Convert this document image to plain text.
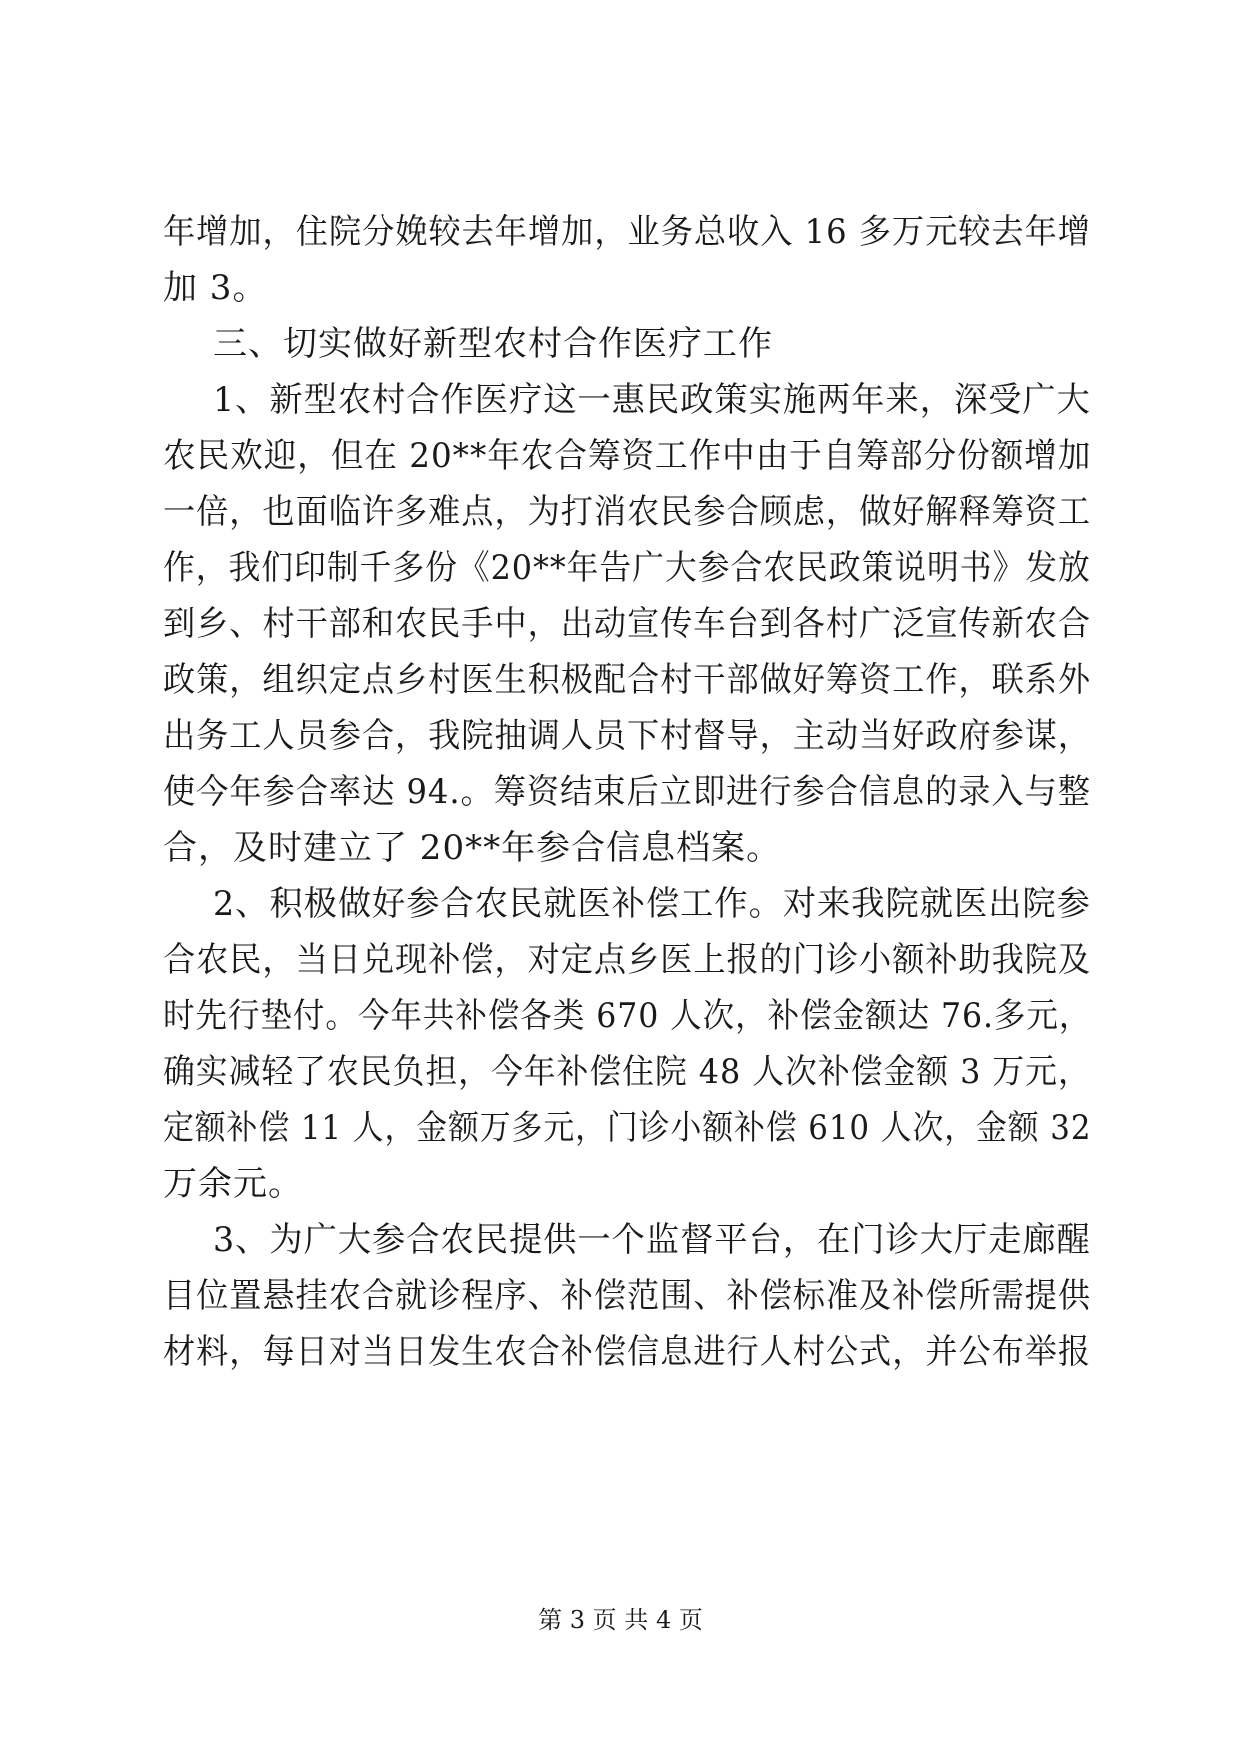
年增加，住院分娩较去年增加，业务总收入 16 多万元较去年增
加 3。
三、切实做好新型农村合作医疗工作
1、新型农村合作医疗这一惠民政策实施两年来，深受广大
农民欢迎，但在 20**年农合筹资工作中由于自筹部分份额增加
一倍，也面临许多难点，为打消农民参合顾虑，做好解释筹资工
作，我们印制千多份《20**年告广大参合农民政策说明书》发放
到乡、村干部和农民手中，出动宣传车台到各村广泛宣传新农合
政策，组织定点乡村医生积极配合村干部做好筹资工作，联系外
出务工人员参合，我院抽调人员下村督导，主动当好政府参谋，
使今年参合率达 94.。筹资结束后立即进行参合信息的录入与整
合，及时建立了 20**年参合信息档案。
2、积极做好参合农民就医补偿工作。对来我院就医出院参
合农民，当日兑现补偿，对定点乡医上报的门诊小额补助我院及
时先行垫付。今年共补偿各类 670 人次，补偿金额达 76.多元，
确实减轻了农民负担，今年补偿住院 48 人次补偿金额 3 万元，
定额补偿 11 人，金额万多元，门诊小额补偿 610 人次，金额 32
万余元。
3、为广大参合农民提供一个监督平台，在门诊大厅走廊醒
目位置悬挂农合就诊程序、补偿范围、补偿标准及补偿所需提供
材料，每日对当日发生农合补偿信息进行人村公式，并公布举报
第 3 页 共 4 页
